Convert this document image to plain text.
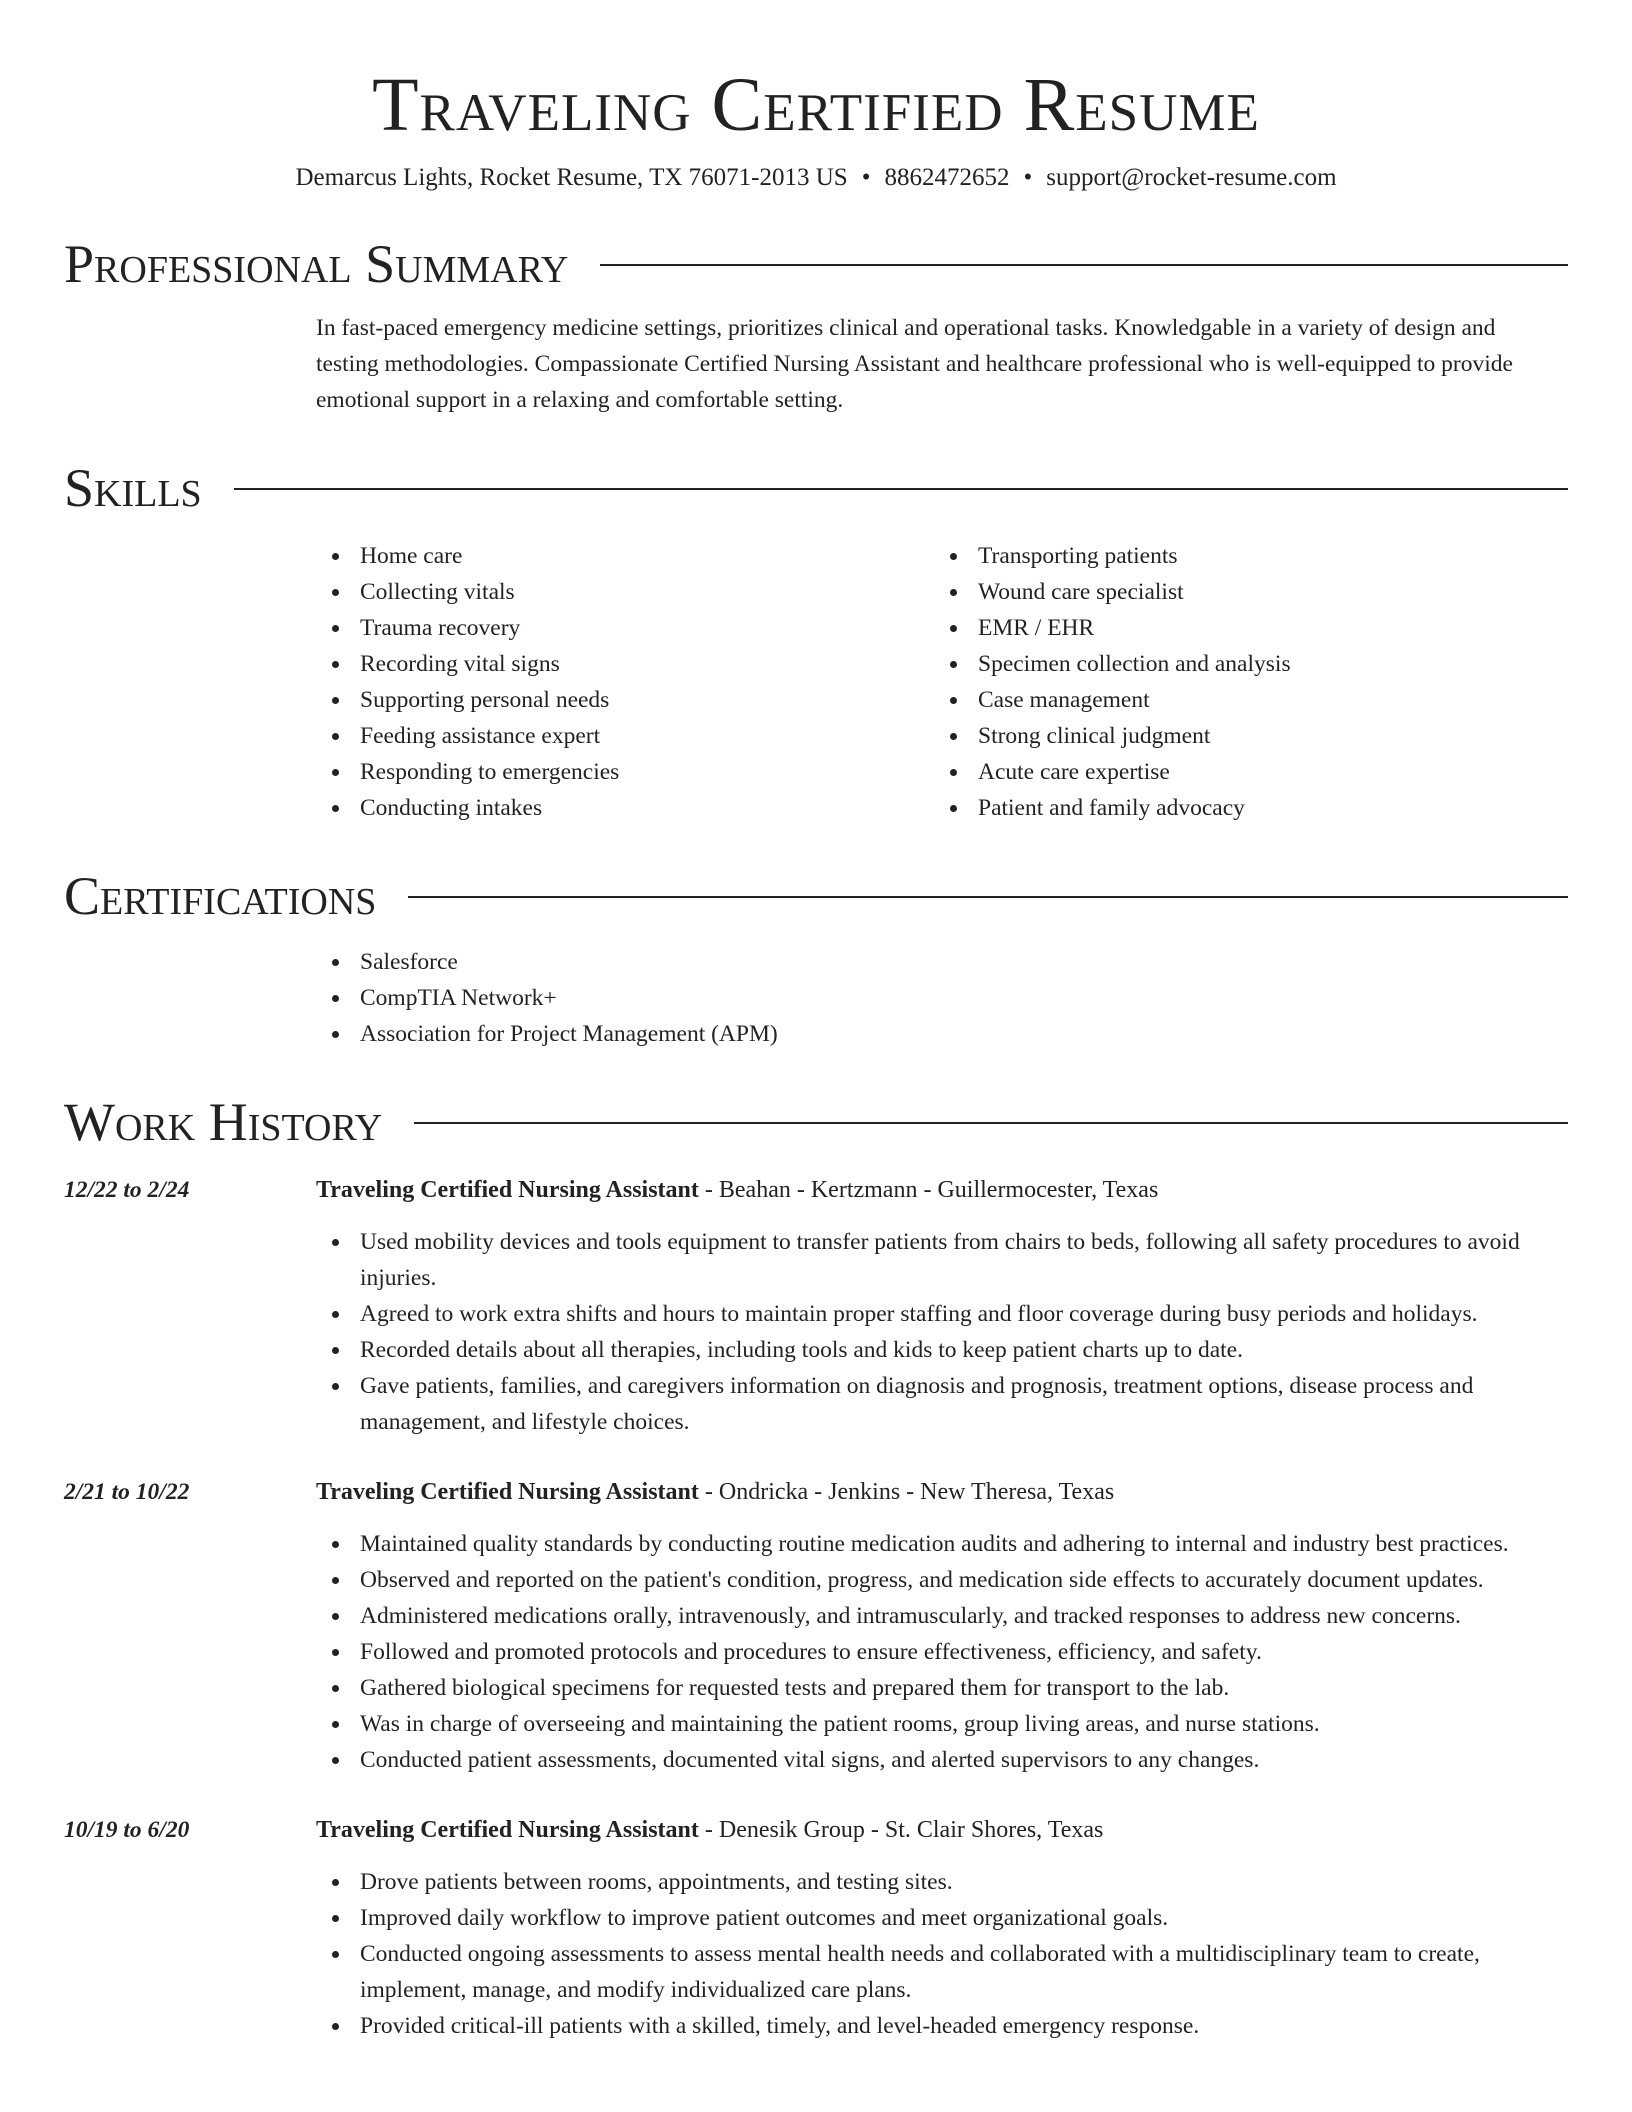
Traveling Certified Resume
Demarcus Lights, Rocket Resume, TX 76071-2013 US • 8862472652 • support@rocket-resume.com
Professional Summary

In fast-paced emergency medicine settings, prioritizes clinical and operational tasks. Knowledgable in a variety of design and testing methodologies. Compassionate Certified Nursing Assistant and healthcare professional who is well-equipped to provide emotional support in a relaxing and comfortable setting.

Skills
Home care
Collecting vitals
Trauma recovery
Recording vital signs
Supporting personal needs
Feeding assistance expert
Responding to emergencies
Conducting intakes
Transporting patients
Wound care specialist
EMR / EHR
Specimen collection and analysis
Case management
Strong clinical judgment
Acute care expertise
Patient and family advocacy
Certifications
Salesforce
CompTIA Network+
Association for Project Management (APM)
Work History
12/22 to 2/24	Traveling Certified Nursing Assistant - Beahan - Kertzmann - Guillermocester, Texas
Used mobility devices and tools equipment to transfer patients from chairs to beds, following all safety procedures to avoid injuries.
Agreed to work extra shifts and hours to maintain proper staffing and floor coverage during busy periods and holidays.
Recorded details about all therapies, including tools and kids to keep patient charts up to date.
Gave patients, families, and caregivers information on diagnosis and prognosis, treatment options, disease process and management, and lifestyle choices.
2/21 to 10/22	Traveling Certified Nursing Assistant - Ondricka - Jenkins - New Theresa, Texas
Maintained quality standards by conducting routine medication audits and adhering to internal and industry best practices.
Observed and reported on the patient's condition, progress, and medication side effects to accurately document updates.
Administered medications orally, intravenously, and intramuscularly, and tracked responses to address new concerns.
Followed and promoted protocols and procedures to ensure effectiveness, efficiency, and safety.
Gathered biological specimens for requested tests and prepared them for transport to the lab.
Was in charge of overseeing and maintaining the patient rooms, group living areas, and nurse stations.
Conducted patient assessments, documented vital signs, and alerted supervisors to any changes.
10/19 to 6/20	Traveling Certified Nursing Assistant - Denesik Group - St. Clair Shores, Texas
Drove patients between rooms, appointments, and testing sites.
Improved daily workflow to improve patient outcomes and meet organizational goals.
Conducted ongoing assessments to assess mental health needs and collaborated with a multidisciplinary team to create, implement, manage, and modify individualized care plans.
Provided critical-ill patients with a skilled, timely, and level-headed emergency response.
